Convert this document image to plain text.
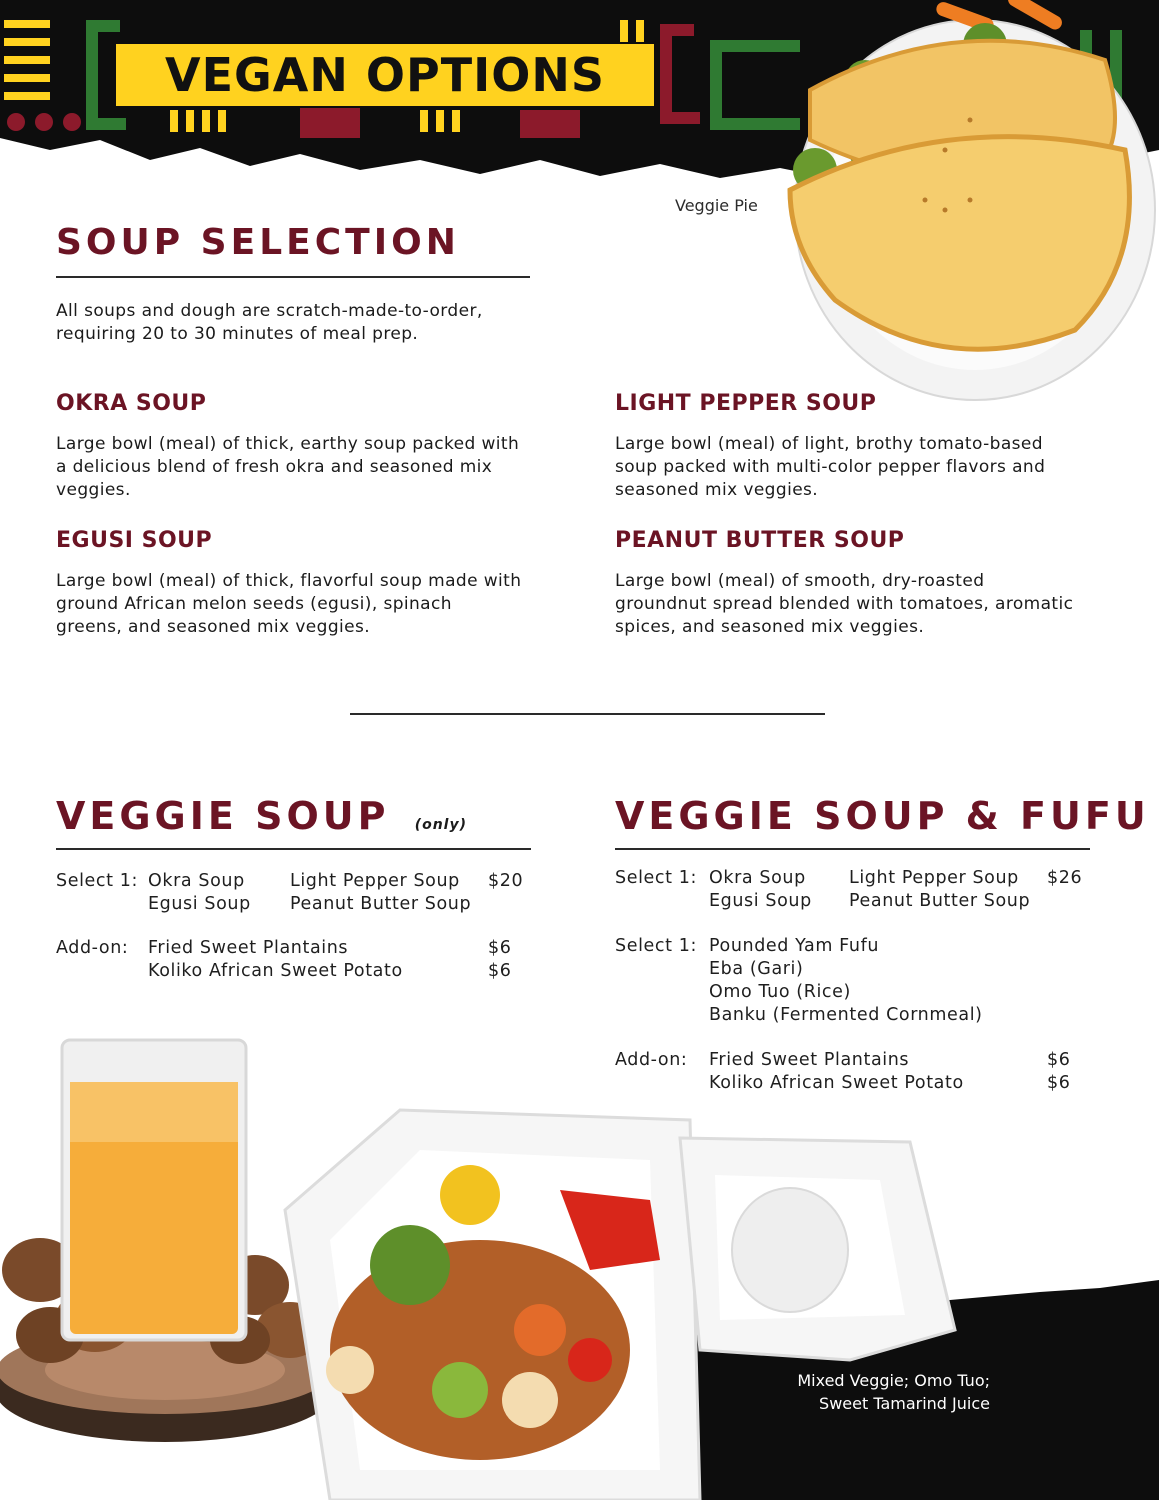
VEGAN OPTIONS
Veggie Pie
SOUP SELECTION
All soups and dough are scratch-made-to-order,
requiring 20 to 30 minutes of meal prep.
OKRA SOUP
Large bowl (meal) of thick, earthy soup packed with
a delicious blend of fresh okra and seasoned mix
veggies.
LIGHT PEPPER SOUP
Large bowl (meal) of light, brothy tomato-based
soup packed with multi-color pepper flavors and
seasoned mix veggies.
EGUSI SOUP
Large bowl (meal) of thick, flavorful soup made with
ground African melon seeds (egusi), spinach
greens, and seasoned mix veggies.
PEANUT BUTTER SOUP
Large bowl (meal) of smooth, dry-roasted
groundnut spread blended with tomatoes, aromatic
spices, and seasoned mix veggies.
VEGGIE SOUP (only)
Select 1: Okra Soup
Egusi Soup
Light Pepper Soup
Peanut Butter Soup
$20
Add-on: Fried Sweet Plantains
Koliko African Sweet Potato
$6
$6
VEGGIE SOUP & FUFU
Select 1: Okra Soup
Egusi Soup
Light Pepper Soup
Peanut Butter Soup
$26
Select 1: Pounded Yam Fufu
Eba (Gari)
Omo Tuo (Rice)
Banku (Fermented Cornmeal)
Add-on: Fried Sweet Plantains
Koliko African Sweet Potato
$6
$6
Mixed Veggie; Omo Tuo;
Sweet Tamarind Juice
